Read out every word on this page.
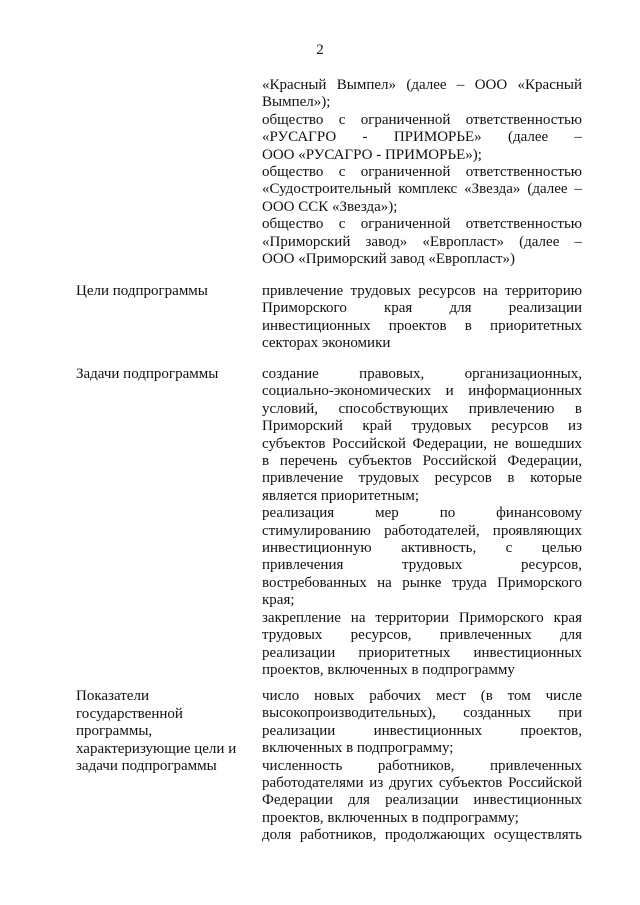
2

«Красный Вымпел» (далее – ООО «Красный

Вымпел»);

общество с ограниченной ответственностью

«РУСАГРО - ПРИМОРЬЕ» (далее –

ООО «РУСАГРО - ПРИМОРЬЕ»);

общество с ограниченной ответственностью

«Судостроительный комплекс «Звезда» (далее –

ООО ССК «Звезда»);

общество с ограниченной ответственностью

«Приморский завод» «Европласт» (далее –

ООО «Приморский завод «Европласт»)

Цели подпрограммы	привлечение трудовых ресурсов на территорию

Приморского края для реализации

инвестиционных проектов в приоритетных

секторах экономики

Задачи подпрограммы	создание правовых, организационных,

социально-экономических и информационных

условий, способствующих привлечению в

Приморский край трудовых ресурсов из

субъектов Российской Федерации, не вошедших

в перечень субъектов Российской Федерации,

привлечение трудовых ресурсов в которые

является приоритетным;

реализация мер по финансовому

стимулированию работодателей, проявляющих

инвестиционную активность, с целью

привлечения трудовых ресурсов,

востребованных на рынке труда Приморского

края;

закрепление на территории Приморского края

трудовых ресурсов, привлеченных для

реализации приоритетных инвестиционных

проектов, включенных в подпрограмму

Показатели
государственной
программы,
характеризующие цели и
задачи подпрограммы

число новых рабочих мест (в том числе

высокопроизводительных), созданных при

реализации инвестиционных проектов,

включенных в подпрограмму;

численность работников, привлеченных

работодателями из других субъектов Российской

Федерации для реализации инвестиционных

проектов, включенных в подпрограмму;

доля работников, продолжающих осуществлять
